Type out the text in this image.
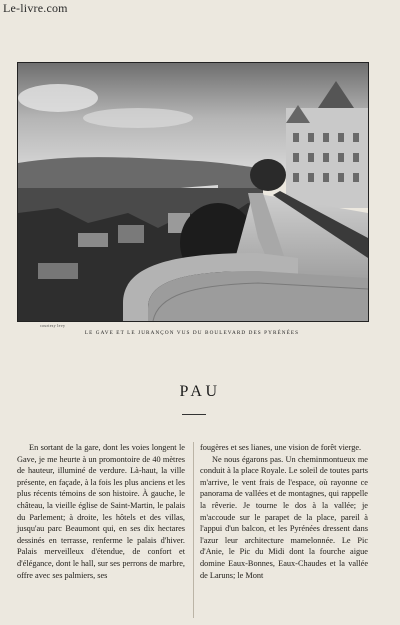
Le-livre.com
courtesy levy
LE GAVE ET LE JURANÇON VUS DU BOULEVARD DES PYRÉNÉES
PAU

En sortant de la gare, dont les voies longent le Gave, je me heurte à un promontoire de 40 mètres de hauteur, illuminé de verdure. Là-haut, la ville présente, en façade, à la fois les plus anciens et les plus récents témoins de son histoire. À gauche, le château, la vieille église de Saint-Martin, le palais du Parlement; à droite, les hôtels et des villas, jusqu'au parc Beaumont qui, en ses dix hectares dessinés en terrasse, renferme le palais d'hiver. Palais merveilleux d'étendue, de confort et d'élégance, dont le hall, sur ses perrons de marbre, offre avec ses palmiers, ses

fougères et ses lianes, une vision de forêt vierge.

Ne nous égarons pas. Un cheminmontueux me conduit à la place Royale. Le soleil de toutes parts m'arrive, le vent frais de l'espace, où rayonne ce panorama de vallées et de montagnes, qui rappelle la rêverie. Je tourne le dos à la vallée; je m'accoude sur le parapet de la place, pareil à l'appui d'un balcon, et les Pyrénées dressent dans l'azur leur architecture mamelonnée. Le Pic d'Anie, le Pic du Midi dont la fourche aigue domine Eaux-Bonnes, Eaux-Chaudes et la vallée de Laruns; le Mont
